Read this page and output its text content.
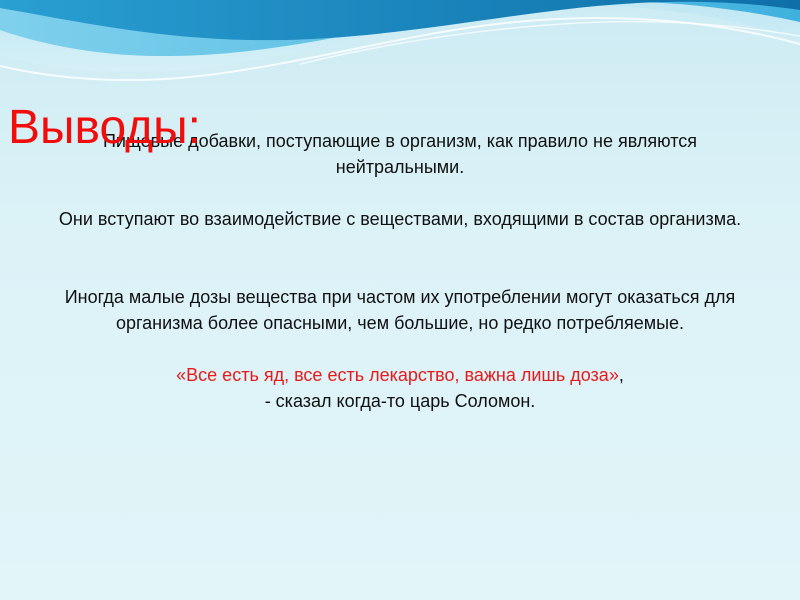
Выводы:

Пищевые добавки, поступающие в организм, как правило не являются нейтральными.

Они вступают во взаимодействие с веществами, входящими в состав организма.

Иногда малые дозы вещества при частом их употреблении могут оказаться для организма более опасными, чем большие, но редко потребляемые.

«Все есть яд, все есть лекарство, важна лишь доза»,

- сказал когда-то царь Соломон.
